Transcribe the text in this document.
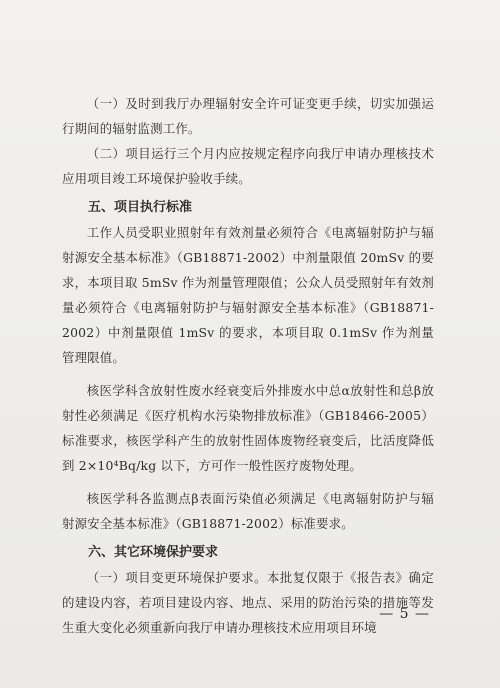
（一）及时到我厅办理辐射安全许可证变更手续，切实加强运行期间的辐射监测工作。

（二）项目运行三个月内应按规定程序向我厅申请办理核技术应用项目竣工环境保护验收手续。

五、项目执行标准

工作人员受职业照射年有效剂量必须符合《电离辐射防护与辐射源安全基本标准》（GB18871-2002）中剂量限值 20mSv 的要求，本项目取 5mSv 作为剂量管理限值；公众人员受照射年有效剂量必须符合《电离辐射防护与辐射源安全基本标准》（GB18871-2002）中剂量限值 1mSv 的要求，本项目取 0.1mSv 作为剂量管理限值。

核医学科含放射性废水经衰变后外排废水中总α放射性和总β放射性必须满足《医疗机构水污染物排放标准》（GB18466-2005）标准要求，核医学科产生的放射性固体废物经衰变后，比活度降低到 2×10⁴Bq/kg 以下，方可作一般性医疗废物处理。

核医学科各监测点β表面污染值必须满足《电离辐射防护与辐射源安全基本标准》（GB18871-2002）标准要求。

六、其它环境保护要求

（一）项目变更环境保护要求。本批复仅限于《报告表》确定的建设内容，若项目建设内容、地点、采用的防治污染的措施等发生重大变化必须重新向我厅申请办理核技术应用项目环境

— 5 —
